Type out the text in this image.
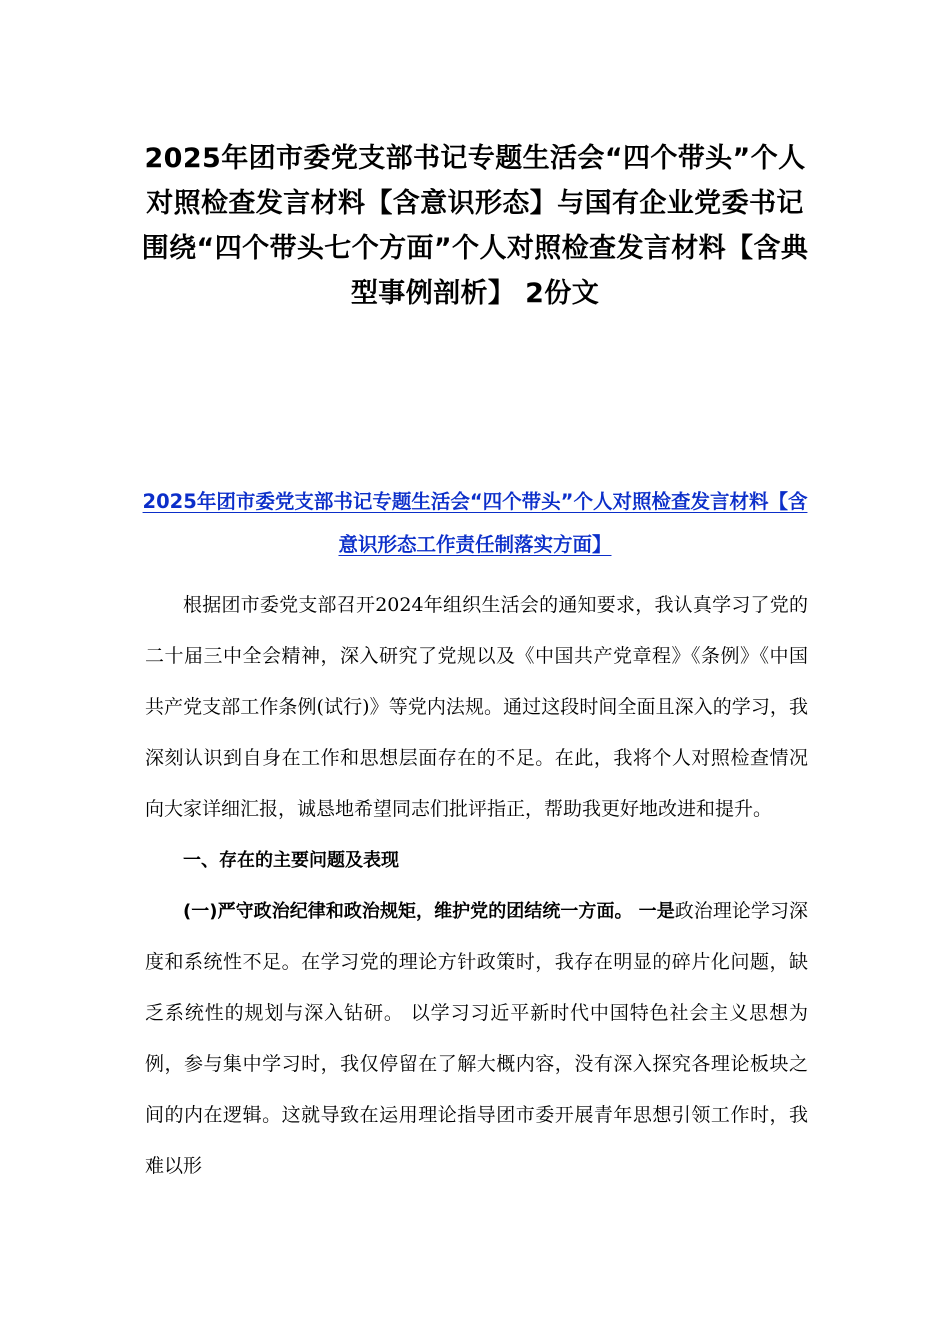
2025年团市委党支部书记专题生活会“四个带头”个人对照检查发言材料【含意识形态】与国有企业党委书记围绕“四个带头七个方面”个人对照检查发言材料【含典型事例剖析】 2份文
2025年团市委党支部书记专题生活会“四个带头”个人对照检查发言材料【含意识形态工作责任制落实方面】

根据团市委党支部召开2024年组织生活会的通知要求，我认真学习了党的二十届三中全会精神，深入研究了党规以及《中国共产党章程》《条例》《中国共产党支部工作条例(试行)》等党内法规。通过这段时间全面且深入的学习，我深刻认识到自身在工作和思想层面存在的不足。在此，我将个人对照检查情况向大家详细汇报，诚恳地希望同志们批评指正，帮助我更好地改进和提升。

一、存在的主要问题及表现

(一)严守政治纪律和政治规矩，维护党的团结统一方面。 一是政治理论学习深度和系统性不足。在学习党的理论方针政策时，我存在明显的碎片化问题，缺乏系统性的规划与深入钻研。 以学习习近平新时代中国特色社会主义思想为例，参与集中学习时，我仅停留在了解大概内容，没有深入探究各理论板块之间的内在逻辑。这就导致在运用理论指导团市委开展青年思想引领工作时，我难以形
